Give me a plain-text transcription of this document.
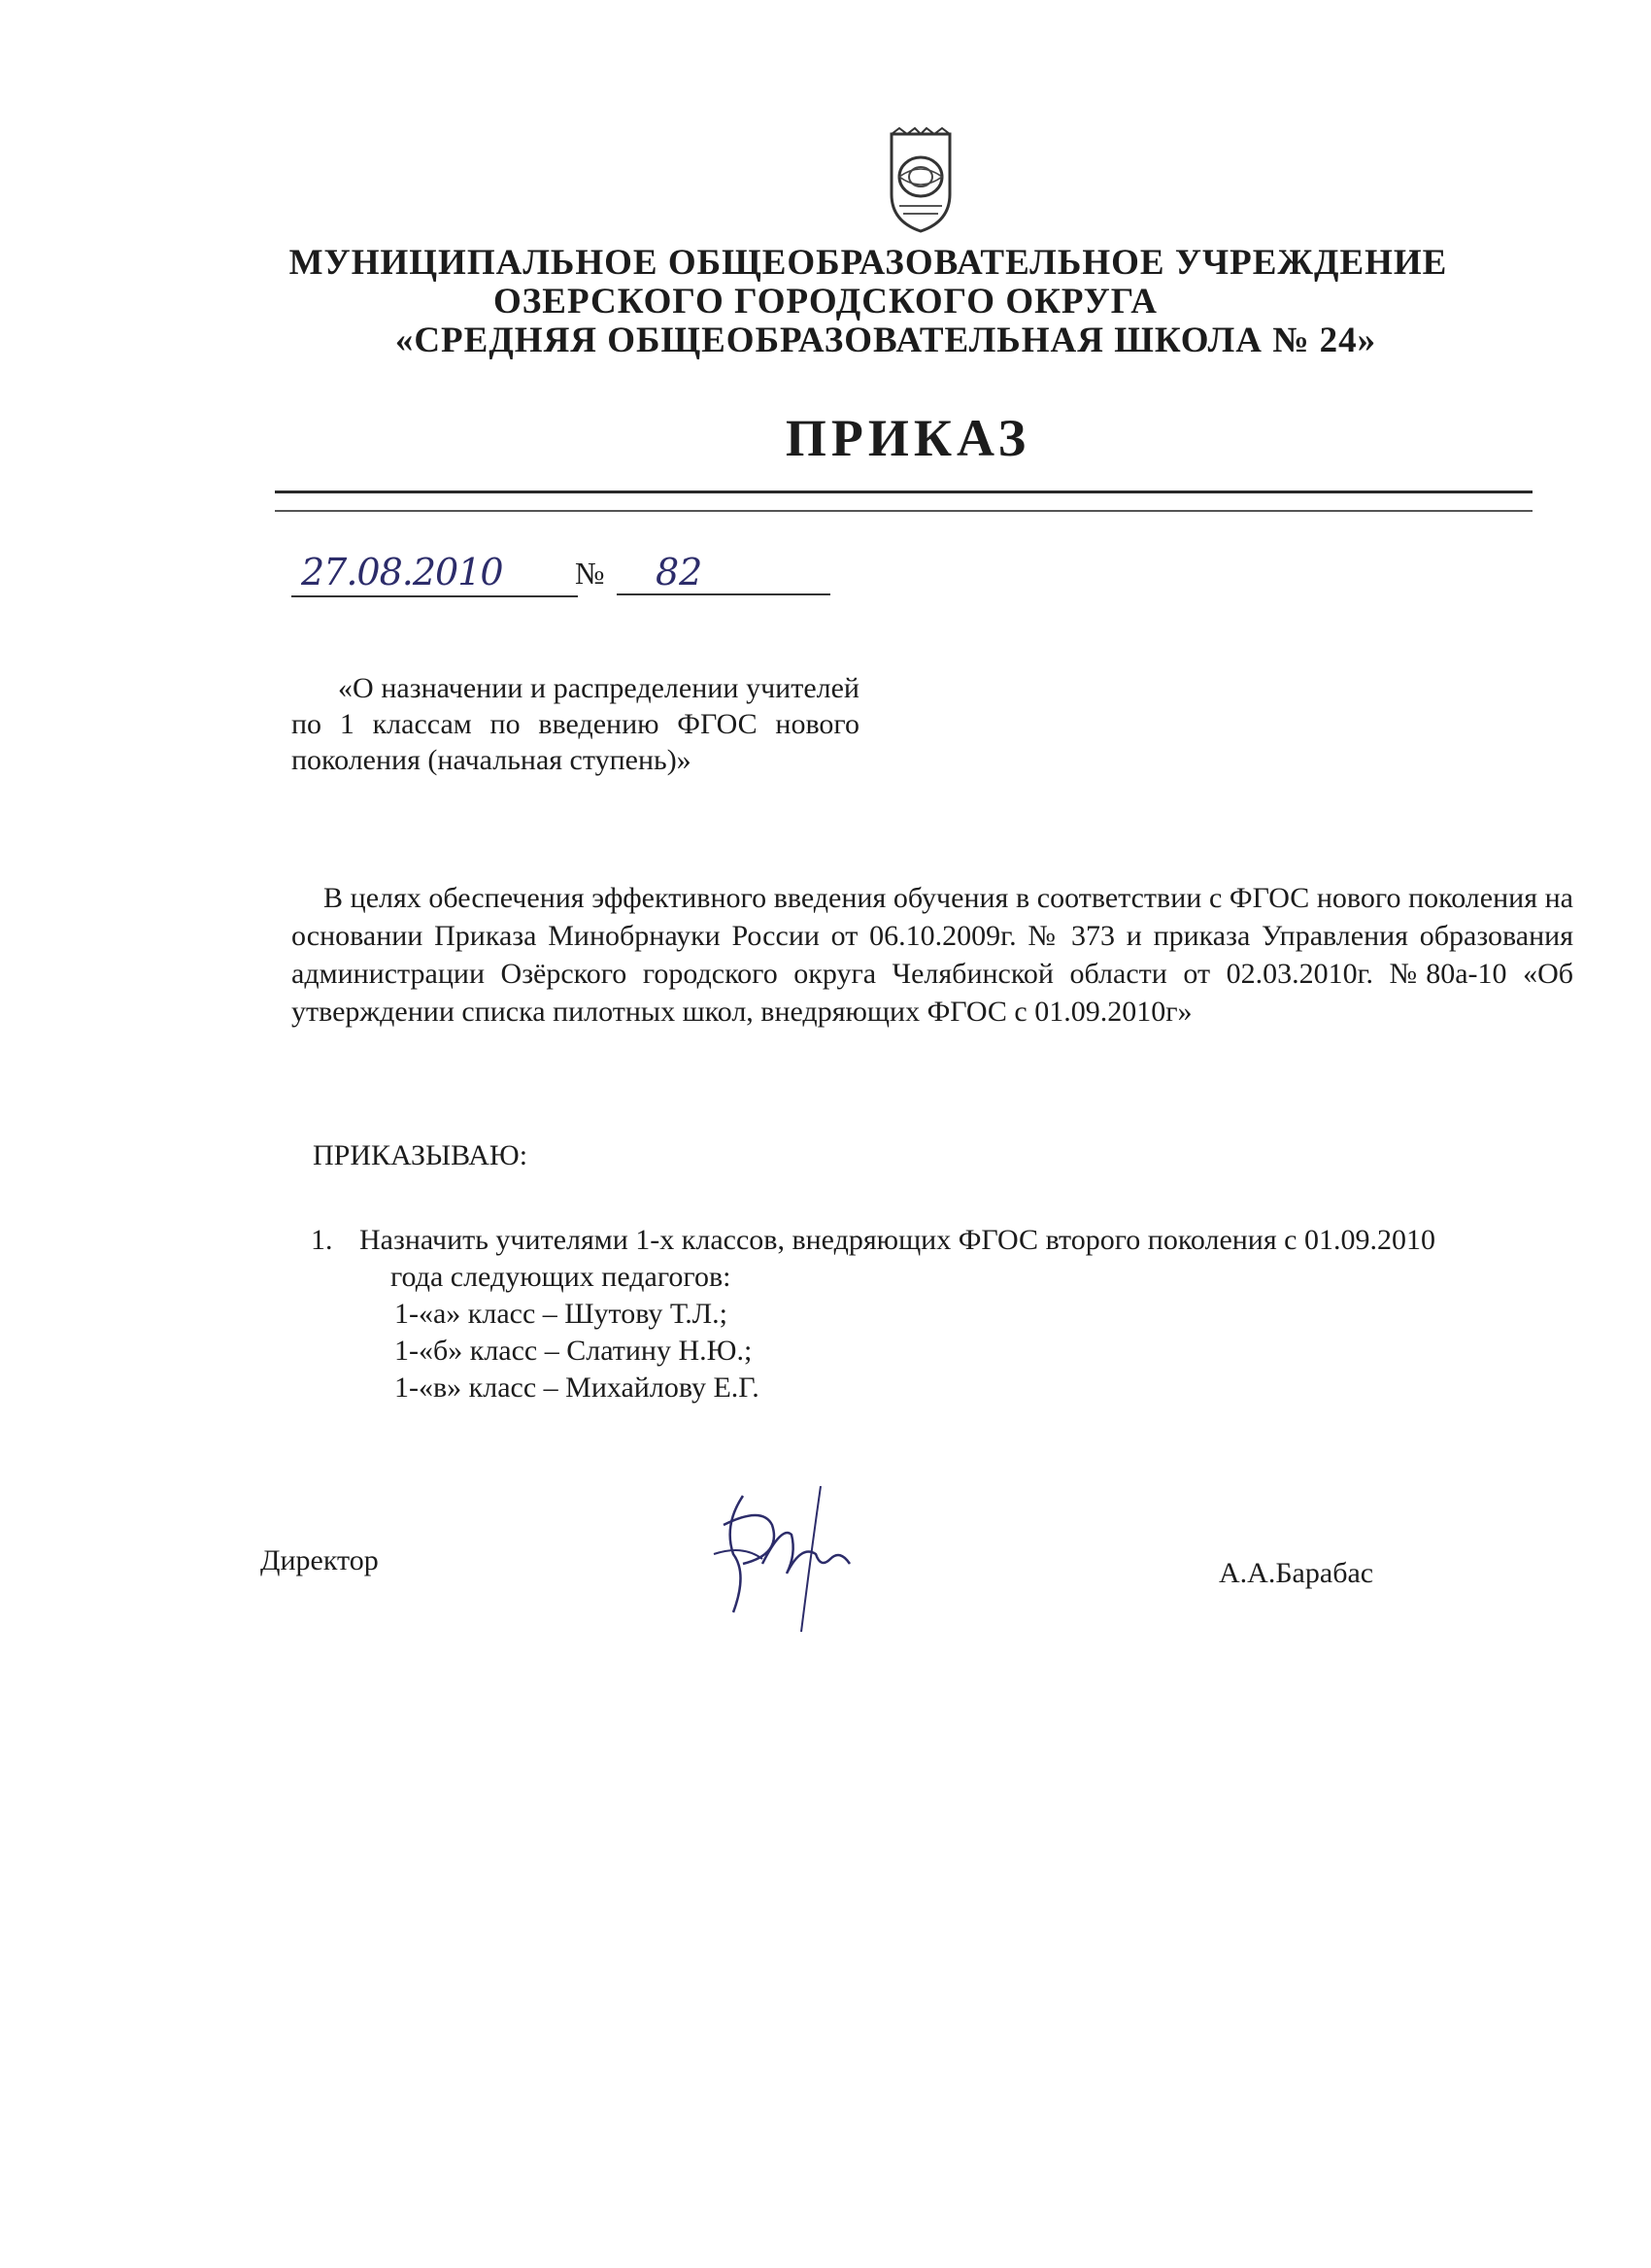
МУНИЦИПАЛЬНОЕ ОБЩЕОБРАЗОВАТЕЛЬНОЕ УЧРЕЖДЕНИЕ
ОЗЕРСКОГО ГОРОДСКОГО ОКРУГА
«СРЕДНЯЯ ОБЩЕОБРАЗОВАТЕЛЬНАЯ ШКОЛА № 24»
ПРИКАЗ
27.08.2010	№	82
«О назначении и распределении учителей по 1 классам по введению ФГОС нового поколения (начальная ступень)»
В целях обеспечения эффективного введения обучения в соответствии с ФГОС нового поколения на основании Приказа Минобрнауки России от 06.10.2009г. № 373 и приказа Управления образования администрации Озёрского городского округа Челябинской области от 02.03.2010г. №80а-10 «Об утверждении списка пилотных школ, внедряющих ФГОС с 01.09.2010г»
ПРИКАЗЫВАЮ:
1. Назначить учителями 1-х классов, внедряющих ФГОС второго поколения с 01.09.2010
года следующих педагогов:
1-«а» класс – Шутову Т.Л.;
1-«б» класс – Слатину Н.Ю.;
1-«в» класс – Михайлову Е.Г.
Директор	А.А.Барабас
